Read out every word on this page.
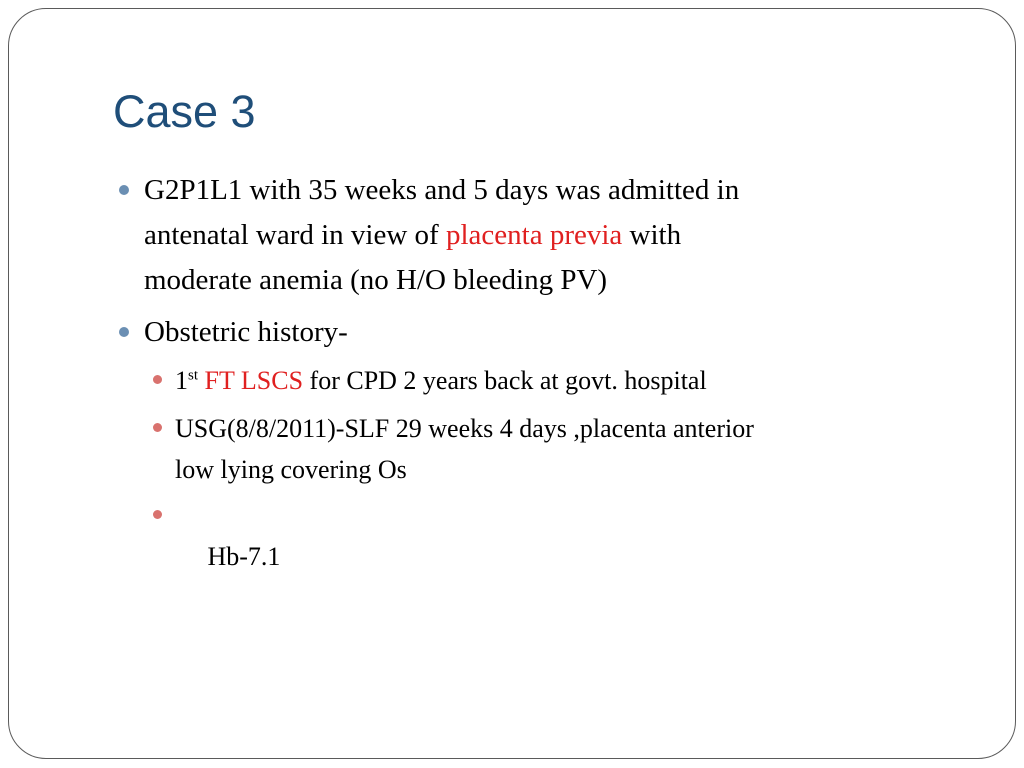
Case 3
G2P1L1 with 35 weeks and 5 days was admitted in
antenatal ward in view of placenta previa with
moderate anemia (no H/O bleeding PV)
Obstetric history-
1st FT LSCS for CPD 2 years back at govt. hospital
USG(8/8/2011)-SLF 29 weeks 4 days ,placenta anterior
low lying covering Os

Hb-7.1
